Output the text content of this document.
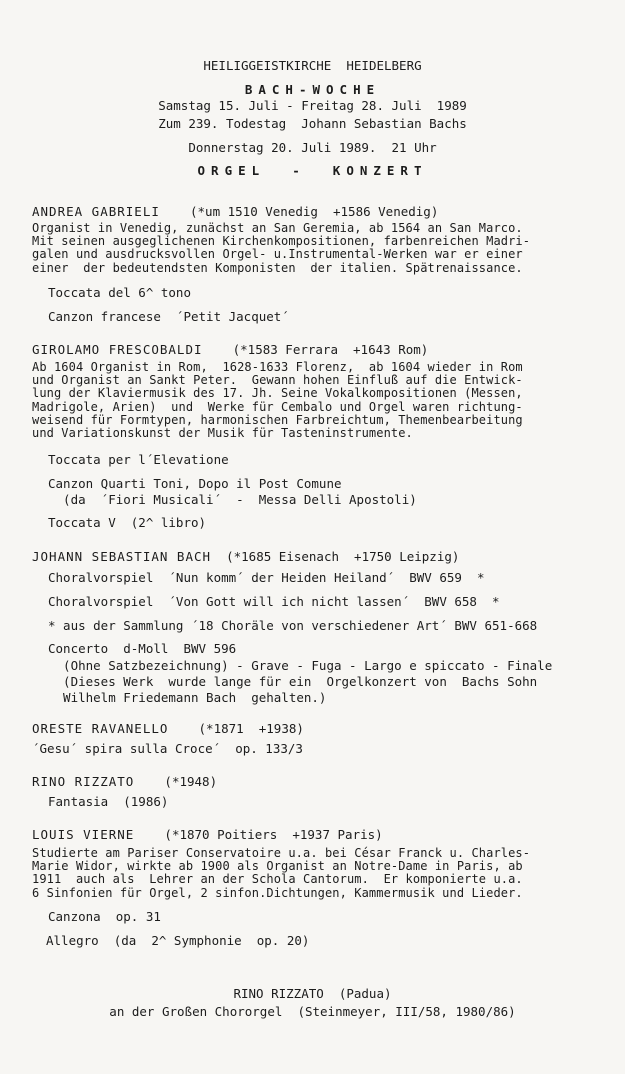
HEILIGGEISTKIRCHE  HEIDELBERG
BACH-WOCHE
Samstag 15. Juli - Freitag 28. Juli  1989
Zum 239. Todestag  Johann Sebastian Bachs
Donnerstag 20. Juli 1989.  21 Uhr
ORGEL  -  KONZERT
ANDREA GABRIELI (*um 1510 Venedig  +1586 Venedig)
Organist in Venedig, zunächst an San Geremia, ab 1564 an San Marco.
Mit seinen ausgeglichenen Kirchenkompositionen, farbenreichen Madri-
galen und ausdrucksvollen Orgel- u.Instrumental-Werken war er einer
einer  der bedeutendsten Komponisten  der italien. Spätrenaissance.
Toccata del 6^ tono
Canzon francese  ´Petit Jacquet´
GIROLAMO FRESCOBALDI (*1583 Ferrara  +1643 Rom)
Ab 1604 Organist in Rom,  1628-1633 Florenz,  ab 1604 wieder in Rom
und Organist an Sankt Peter.  Gewann hohen Einfluß auf die Entwick-
lung der Klaviermusik des 17. Jh. Seine Vokalkompositionen (Messen,
Madrigole, Arien)  und  Werke für Cembalo und Orgel waren richtung-
weisend für Formtypen, harmonischen Farbreichtum, Themenbearbeitung
und Variationskunst der Musik für Tasteninstrumente.
Toccata per l´Elevatione
Canzon Quarti Toni, Dopo il Post Comune
(da  ´Fiori Musicali´  -  Messa Delli Apostoli)
Toccata V  (2^ libro)
JOHANN SEBASTIAN BACH (*1685 Eisenach  +1750 Leipzig)
Choralvorspiel  ´Nun komm´ der Heiden Heiland´  BWV 659  *
Choralvorspiel  ´Von Gott will ich nicht lassen´  BWV 658  *
* aus der Sammlung ´18 Choräle von verschiedener Art´ BWV 651-668
Concerto  d-Moll  BWV 596
(Ohne Satzbezeichnung) - Grave - Fuga - Largo e spiccato - Finale
(Dieses Werk  wurde lange für ein  Orgelkonzert von  Bachs Sohn
Wilhelm Friedemann Bach  gehalten.)
ORESTE RAVANELLO (*1871  +1938)
´Gesu´ spira sulla Croce´  op. 133/3
RINO RIZZATO (*1948)
Fantasia  (1986)
LOUIS VIERNE (*1870 Poitiers  +1937 Paris)
Studierte am Pariser Conservatoire u.a. bei César Franck u. Charles-
Marie Widor, wirkte ab 1900 als Organist an Notre-Dame in Paris, ab
1911  auch als  Lehrer an der Schola Cantorum.  Er komponierte u.a.
6 Sinfonien für Orgel, 2 sinfon.Dichtungen, Kammermusik und Lieder.
Canzona  op. 31
Allegro  (da  2^ Symphonie  op. 20)
RINO RIZZATO  (Padua)
an der Großen Chororgel  (Steinmeyer, III/58, 1980/86)
